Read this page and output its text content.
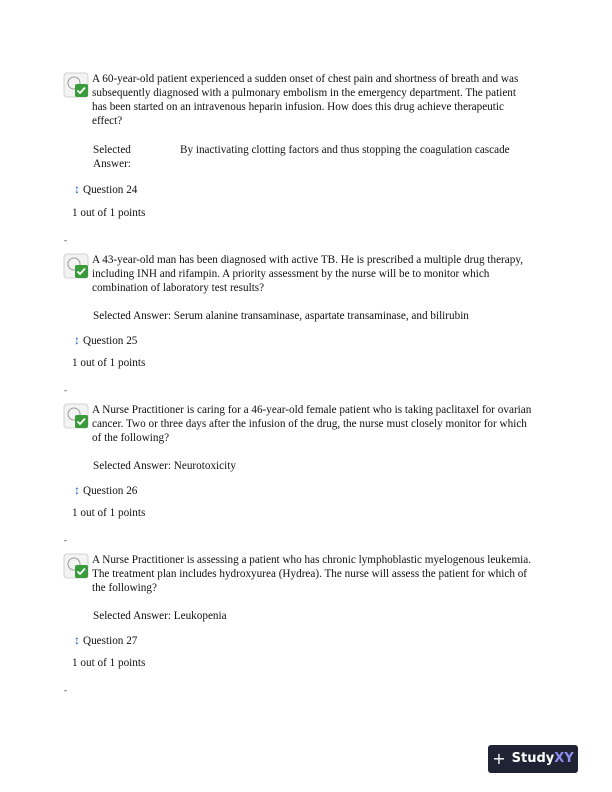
A 60-year-old patient experienced a sudden onset of chest pain and shortness of breath and was subsequently diagnosed with a pulmonary embolism in the emergency department. The patient has been started on an intravenous heparin infusion. How does this drug achieve therapeutic effect?
Selected Answer:
By inactivating clotting factors and thus stopping the coagulation cascade
↕ Question 24
1 out of 1 points
-
A 43-year-old man has been diagnosed with active TB. He is prescribed a multiple drug therapy, including INH and rifampin. A priority assessment by the nurse will be to monitor which combination of laboratory test results?
Selected Answer: Serum alanine transaminase, aspartate transaminase, and bilirubin
↕ Question 25
1 out of 1 points
-
A Nurse Practitioner is caring for a 46-year-old female patient who is taking paclitaxel for ovarian cancer. Two or three days after the infusion of the drug, the nurse must closely monitor for which of the following?
Selected Answer: Neurotoxicity
↕ Question 26
1 out of 1 points
-
A Nurse Practitioner is assessing a patient who has chronic lymphoblastic myelogenous leukemia. The treatment plan includes hydroxyurea (Hydrea). The nurse will assess the patient for which of the following?
Selected Answer: Leukopenia
↕ Question 27
1 out of 1 points
-
+ Study XY
